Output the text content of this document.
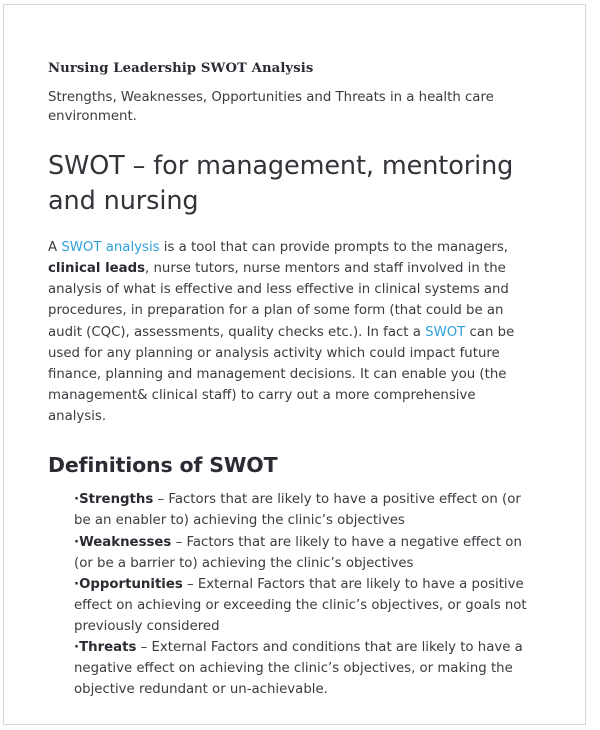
Nursing Leadership SWOT Analysis

Strengths, Weaknesses, Opportunities and Threats in a health care environment.

SWOT – for management, mentoring and nursing

A SWOT analysis is a tool that can provide prompts to the managers, clinical leads, nurse tutors, nurse mentors and staff involved in the analysis of what is effective and less effective in clinical systems and procedures, in preparation for a plan of some form (that could be an audit (CQC), assessments, quality checks etc.). In fact a SWOT can be used for any planning or analysis activity which could impact future finance, planning and management decisions. It can enable you (the management& clinical staff) to carry out a more comprehensive analysis.

Definitions of SWOT
·Strengths – Factors that are likely to have a positive effect on (or be an enabler to) achieving the clinic’s objectives
·Weaknesses – Factors that are likely to have a negative effect on (or be a barrier to) achieving the clinic’s objectives
·Opportunities – External Factors that are likely to have a positive effect on achieving or exceeding the clinic’s objectives, or goals not previously considered
·Threats – External Factors and conditions that are likely to have a negative effect on achieving the clinic’s objectives, or making the objective redundant or un-achievable.
